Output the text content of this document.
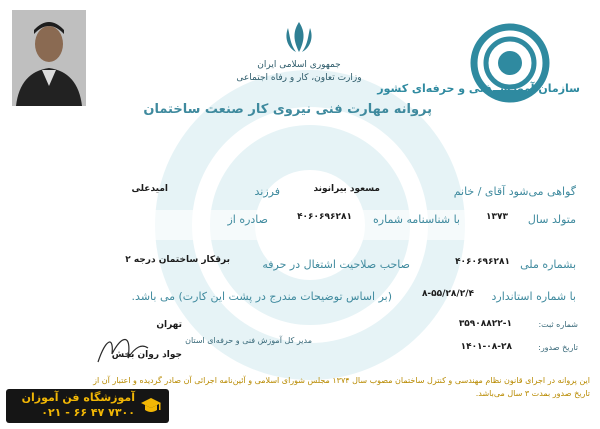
جمهوری اسلامی ایران
وزارت تعاون، کار و رفاه اجتماعی
سازمان آموزش فنی و حرفه‌ای کشور
پروانه مهارت فنی نیروی کار صنعت ساختمان
گواهی می‌شود آقای / خانم
مسعود بیرانوند
فرزند
امیدعلی
متولد سال
۱۳۷۳
با شناسنامه شماره
۴۰۶۰۶۹۶۲۸۱
صادره از
بشماره ملی
۴۰۶۰۶۹۶۲۸۱
صاحب صلاحیت اشتغال در حرفه
برقکار ساختمان درجه ۲
با شماره استاندارد
۸-۵۵/۲۸/۲/۴
(بر اساس توضیحات مندرج در پشت این کارت) می باشد.
شماره ثبت:
۳۵۹۰۸۸۲۲-۱
تاریخ صدور:
۱۴۰۱-۰۸-۲۸
تهران
مدیر کل آموزش فنی و حرفه‌ای استان
جواد روان بخش
این پروانه در اجرای قانون نظام مهندسی و کنترل ساختمان مصوب سال ۱۳۷۴ مجلس شورای اسلامی و آئین‌نامه اجرائی آن صادر گردیده و اعتبار آن از
تاریخ صدور بمدت ۳ سال می‌باشد.
آموزشگاه فن آموزان
۰۲۱ - ۶۶ ۴۷ ۷۳۰۰
